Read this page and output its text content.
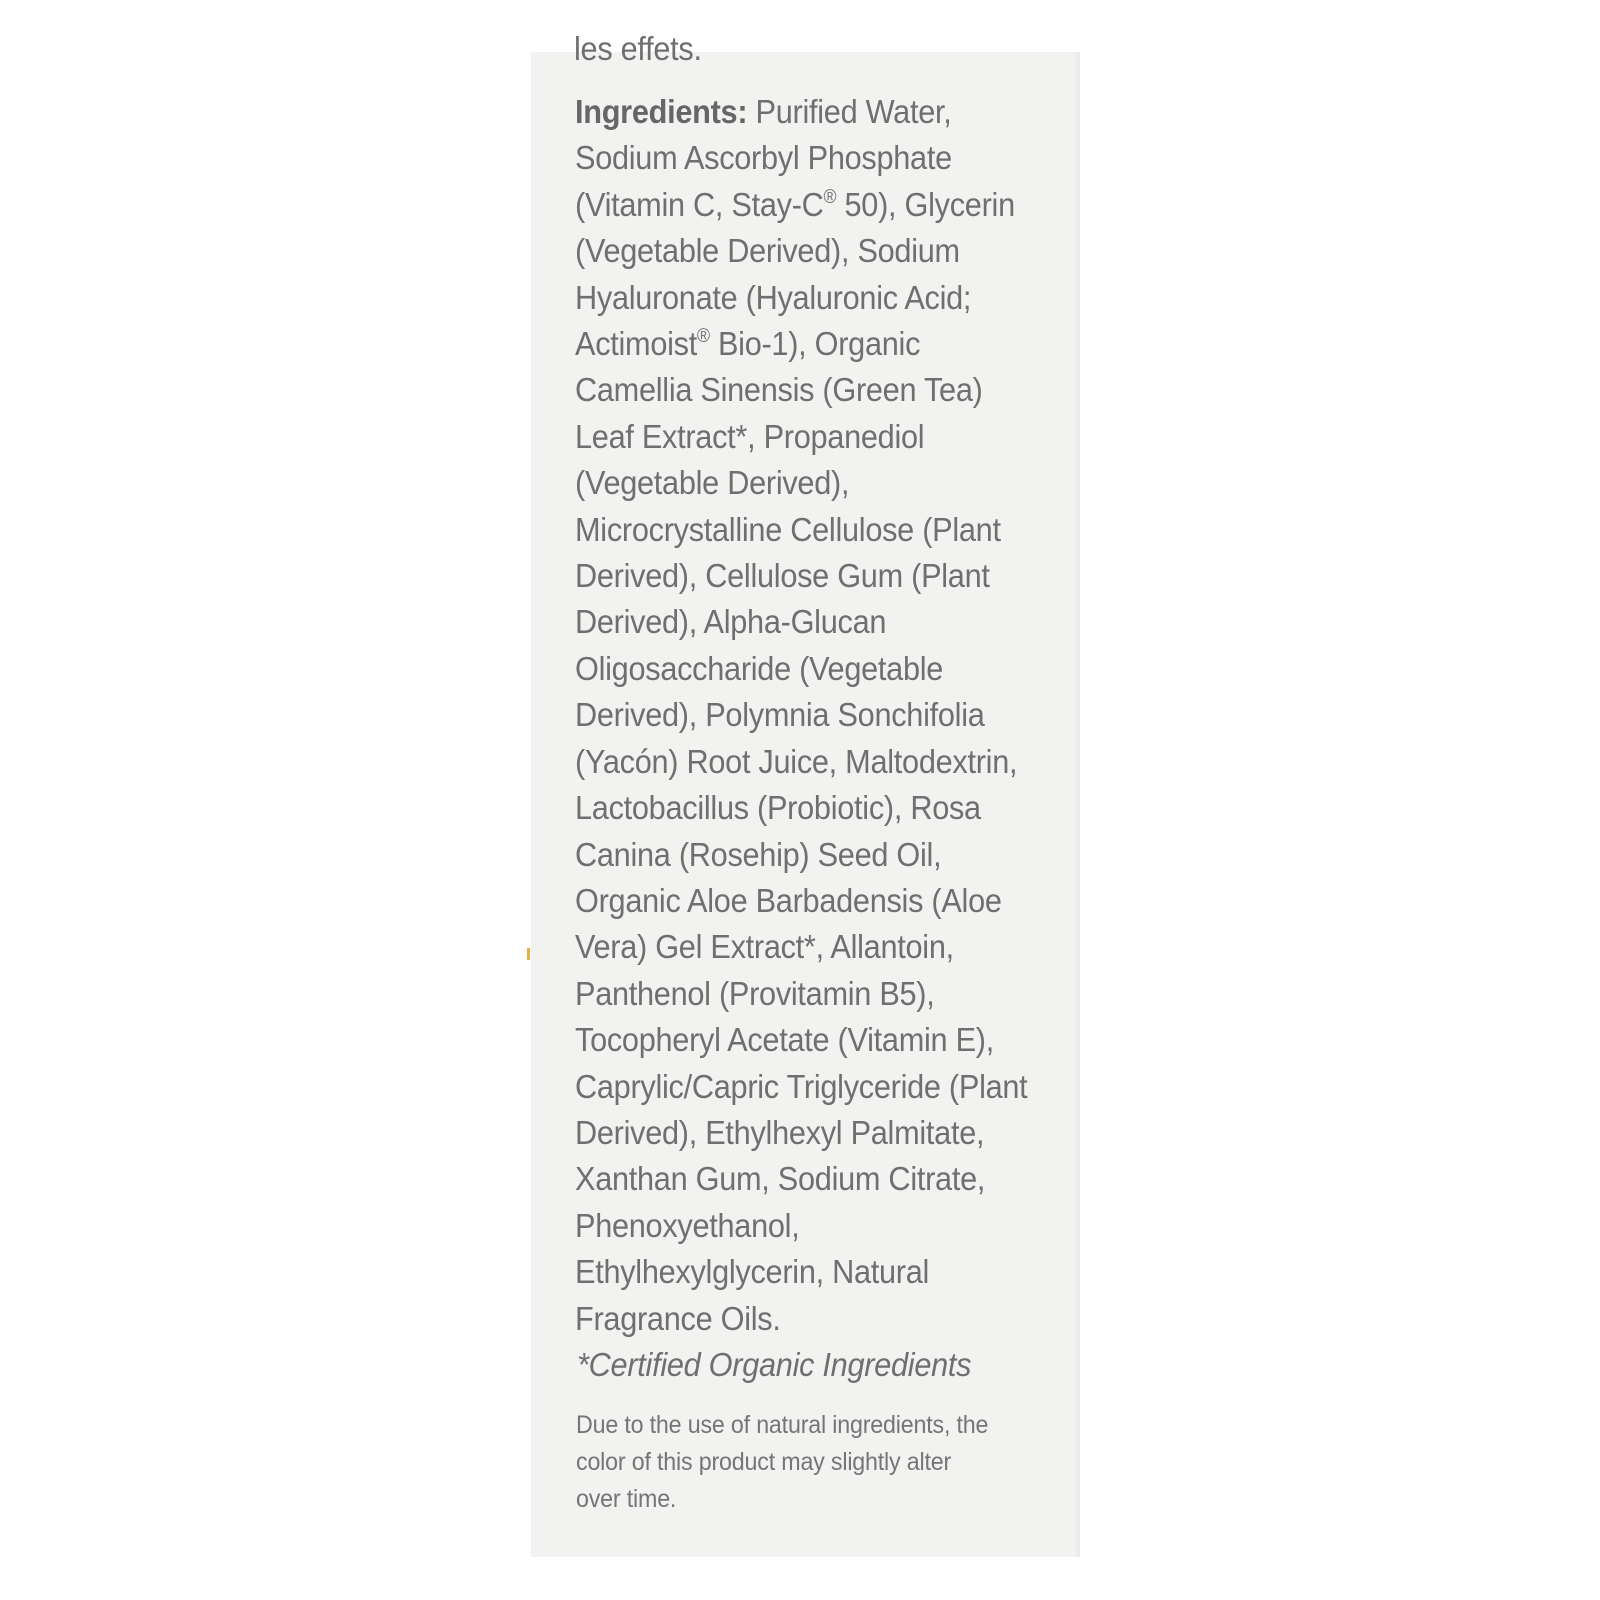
les effets.

Ingredients: Purified Water,
Sodium Ascorbyl Phosphate
(Vitamin C, Stay-C® 50), Glycerin
(Vegetable Derived), Sodium
Hyaluronate (Hyaluronic Acid;
Actimoist® Bio-1), Organic
Camellia Sinensis (Green Tea)
Leaf Extract*, Propanediol
(Vegetable Derived),
Microcrystalline Cellulose (Plant
Derived), Cellulose Gum (Plant
Derived), Alpha-Glucan
Oligosaccharide (Vegetable
Derived), Polymnia Sonchifolia
(Yacón) Root Juice, Maltodextrin,
Lactobacillus (Probiotic), Rosa
Canina (Rosehip) Seed Oil,
Organic Aloe Barbadensis (Aloe
Vera) Gel Extract*, Allantoin,
Panthenol (Provitamin B5),
Tocopheryl Acetate (Vitamin E),
Caprylic/Capric Triglyceride (Plant
Derived), Ethylhexyl Palmitate,
Xanthan Gum, Sodium Citrate,
Phenoxyethanol,
Ethylhexylglycerin, Natural
Fragrance Oils.

*Certified Organic Ingredients

Due to the use of natural ingredients, the
color of this product may slightly alter
over time.
